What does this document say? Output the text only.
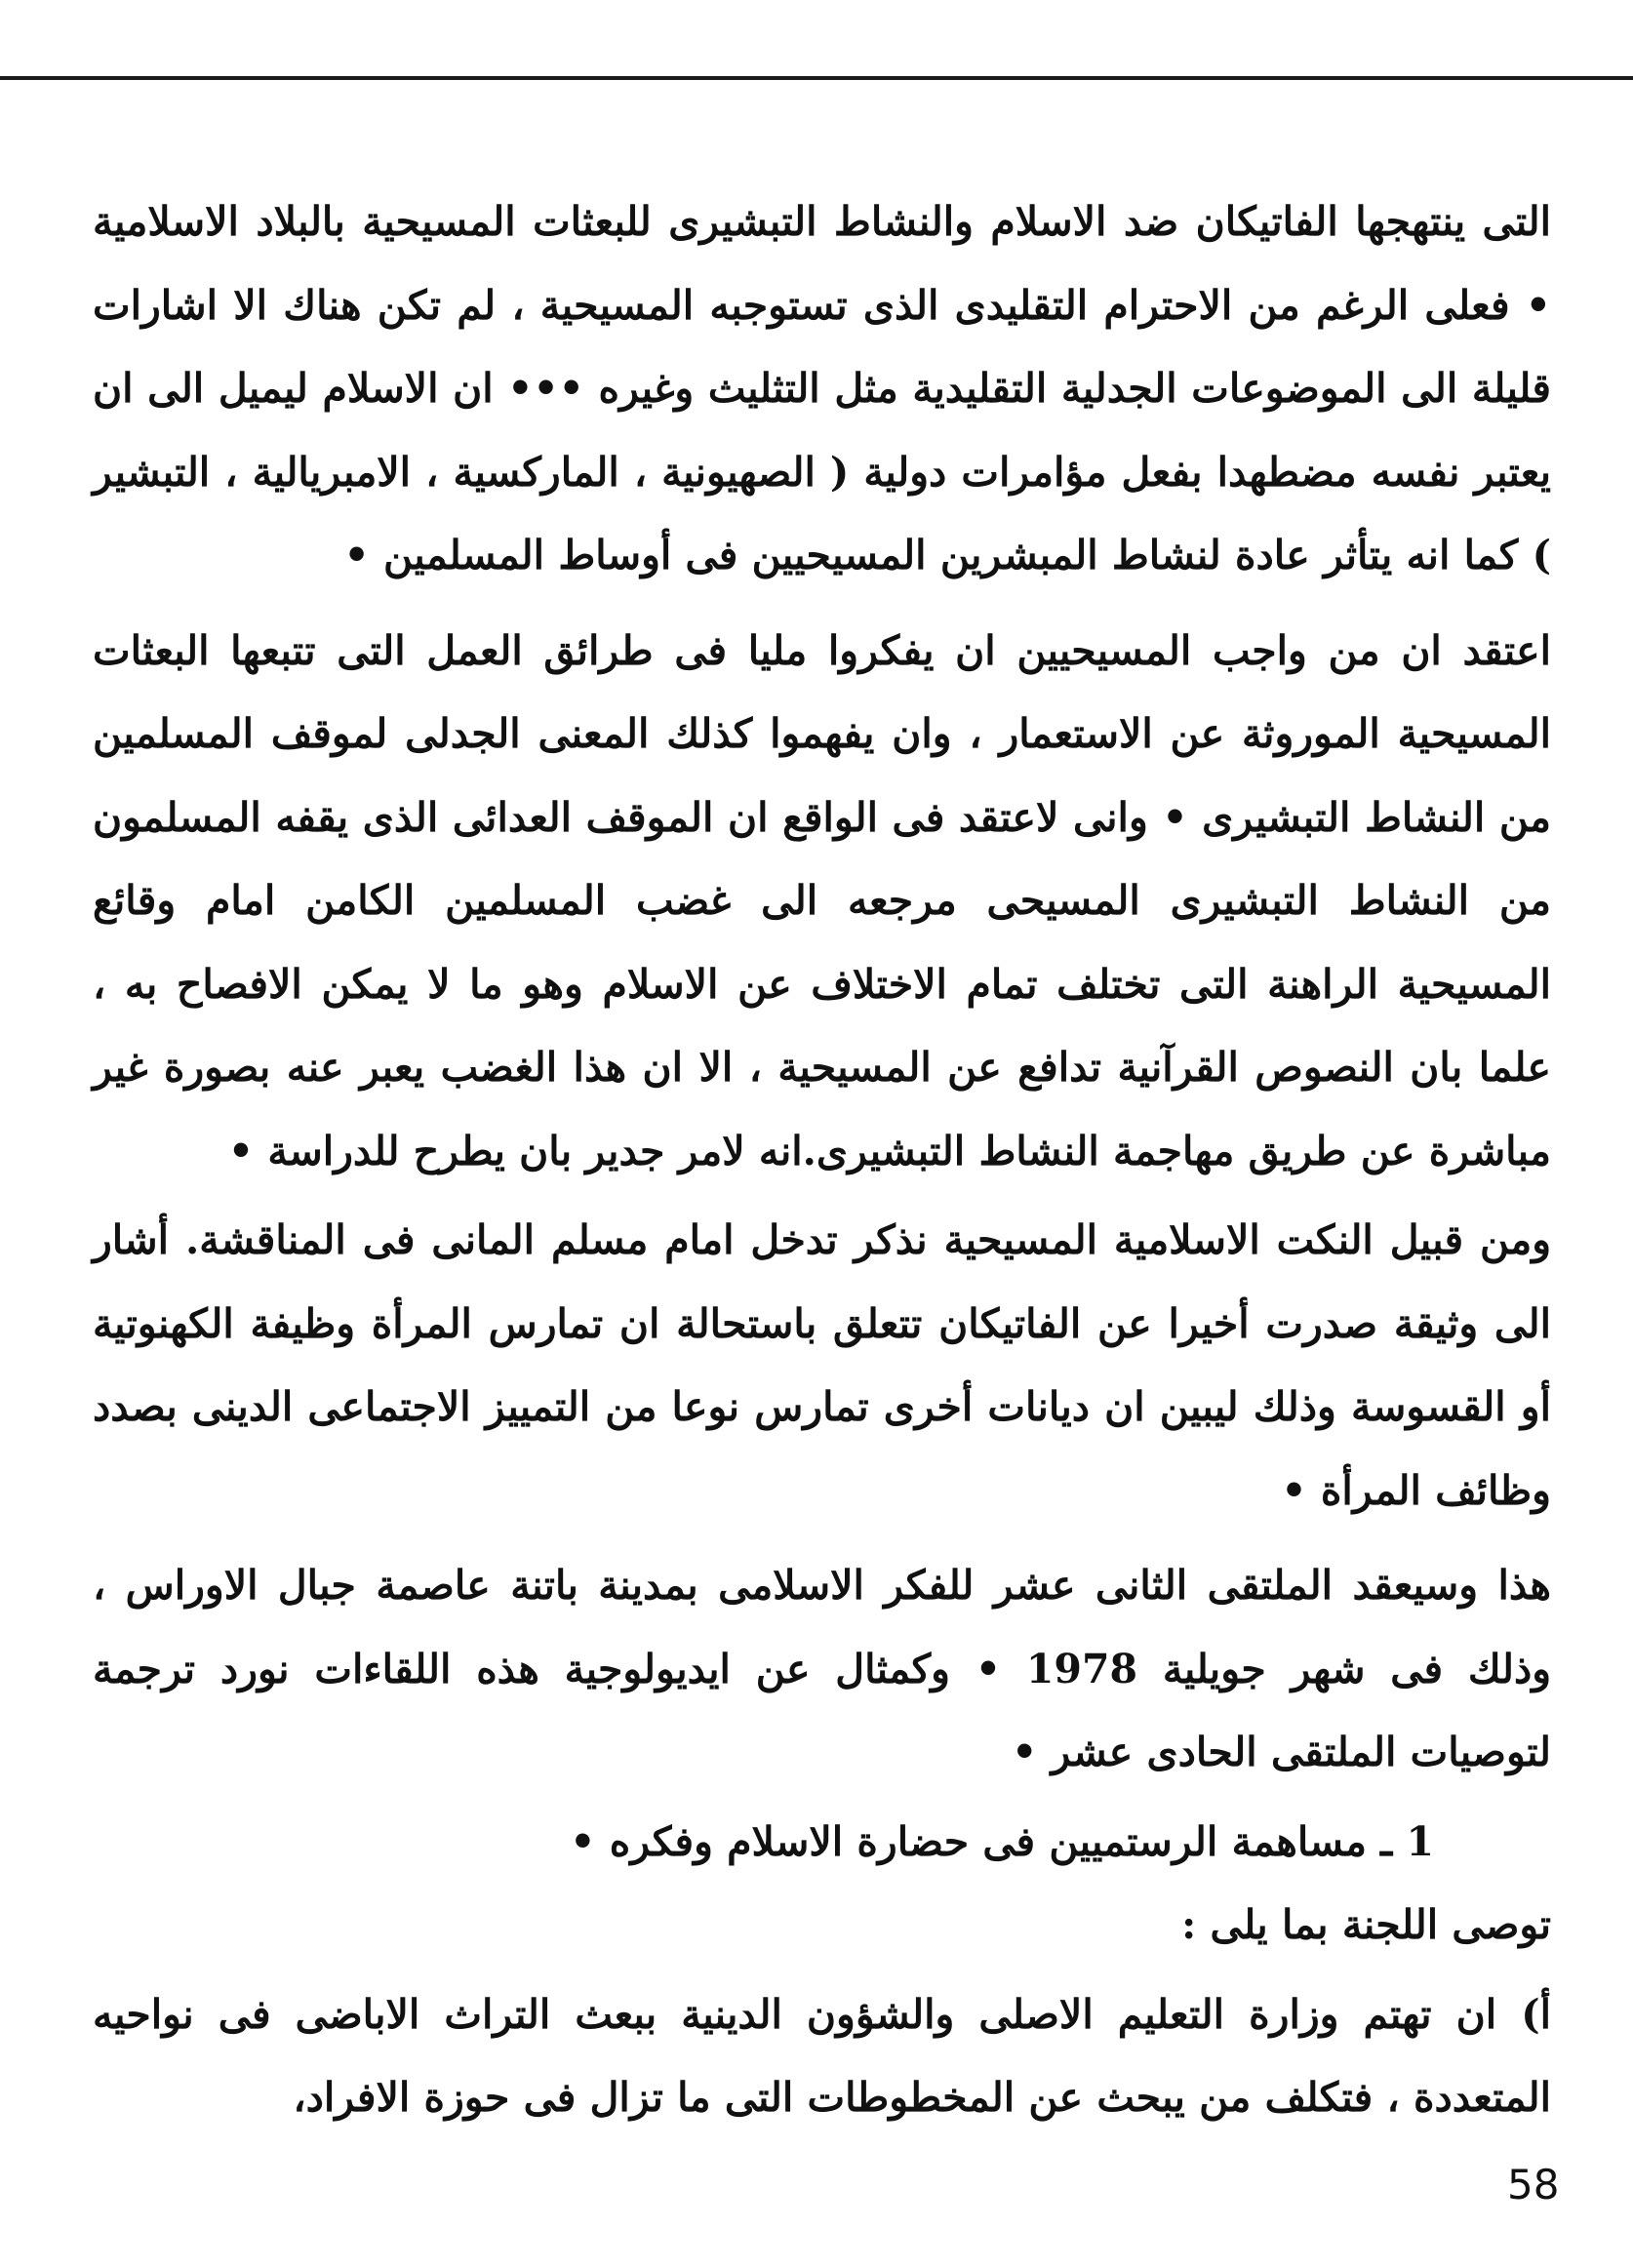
التى ينتهجها الفاتيكان ضد الاسلام والنشاط التبشيرى للبعثات المسيحية بالبلاد الاسلامية • فعلى الرغم من الاحترام التقليدى الذى تستوجبه المسيحية ، لم تكن هناك الا اشارات قليلة الى الموضوعات الجدلية التقليدية مثل التثليث وغيره ••• ان الاسلام ليميل الى ان يعتبر نفسه مضطهدا بفعل مؤامرات دولية ( الصهيونية ، الماركسية ، الامبريالية ، التبشير ) كما انه يتأثر عادة لنشاط المبشرين المسيحيين فى أوساط المسلمين •

اعتقد ان من واجب المسيحيين ان يفكروا مليا فى طرائق العمل التى تتبعها البعثات المسيحية الموروثة عن الاستعمار ، وان يفهموا كذلك المعنى الجدلى لموقف المسلمين من النشاط التبشيرى • وانى لاعتقد فى الواقع ان الموقف العدائى الذى يقفه المسلمون من النشاط التبشيرى المسيحى مرجعه الى غضب المسلمين الكامن امام وقائع المسيحية الراهنة التى تختلف تمام الاختلاف عن الاسلام وهو ما لا يمكن الافصاح به ، علما بان النصوص القرآنية تدافع عن المسيحية ، الا ان هذا الغضب يعبر عنه بصورة غير مباشرة عن طريق مهاجمة النشاط التبشيرى.انه لامر جدير بان يطرح للدراسة •

ومن قبيل النكت الاسلامية المسيحية نذكر تدخل امام مسلم المانى فى المناقشة. أشار الى وثيقة صدرت أخيرا عن الفاتيكان تتعلق باستحالة ان تمارس المرأة وظيفة الكهنوتية أو القسوسة وذلك ليبين ان ديانات أخرى تمارس نوعا من التمييز الاجتماعى الدينى بصدد وظائف المرأة •

هذا وسيعقد الملتقى الثانى عشر للفكر الاسلامى بمدينة باتنة عاصمة جبال الاوراس ، وذلك فى شهر جويلية 1978 • وكمثال عن ايديولوجية هذه اللقاءات نورد ترجمة لتوصيات الملتقى الحادى عشر •

1 ـ مساهمة الرستميين فى حضارة الاسلام وفكره •

توصى اللجنة بما يلى :

أ) ان تهتم وزارة التعليم الاصلى والشؤون الدينية ببعث التراث الاباضى فى نواحيه المتعددة ، فتكلف من يبحث عن المخطوطات التى ما تزال فى حوزة الافراد،

58
